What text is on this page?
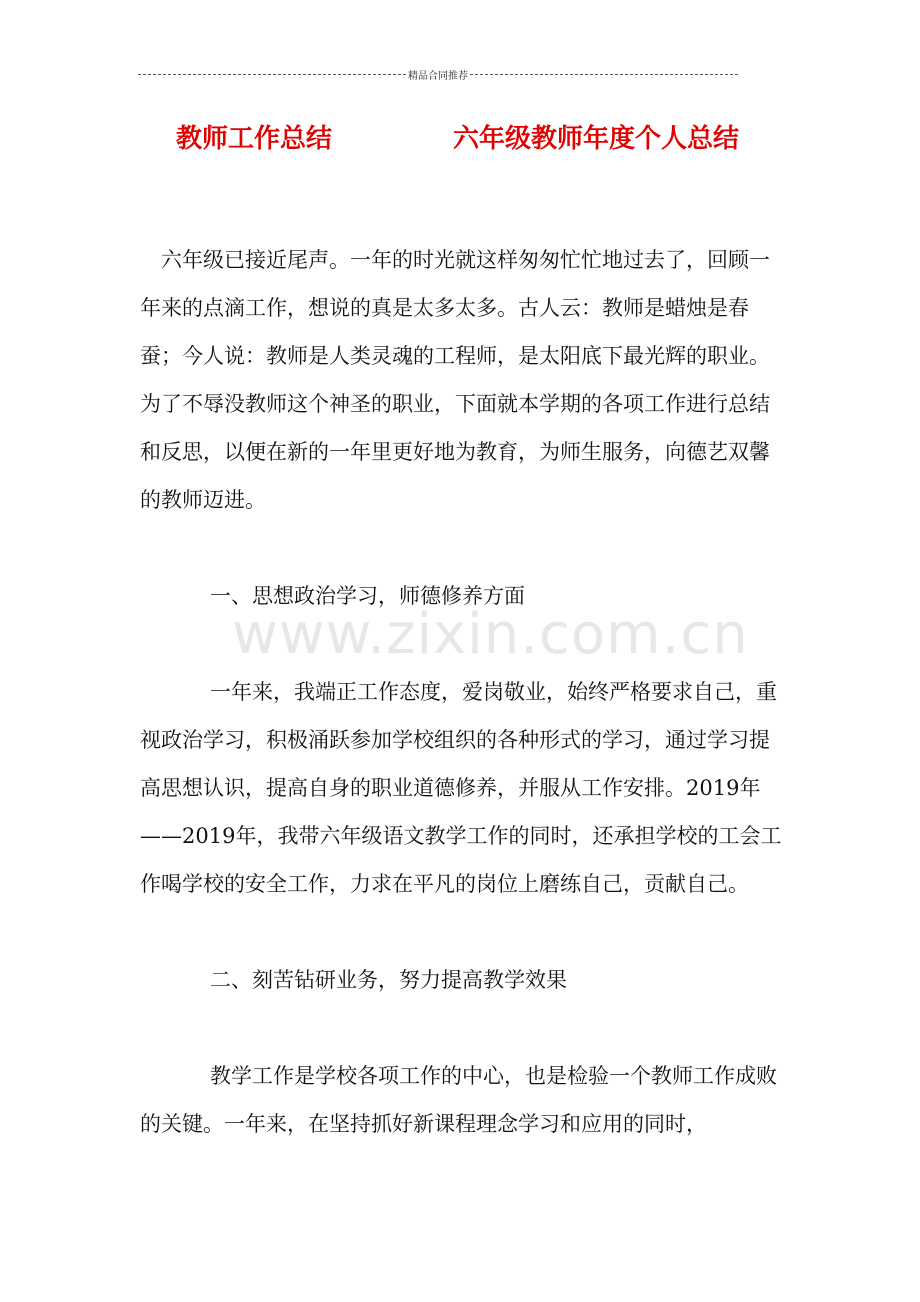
精品合同推荐
教师工作总结	六年级教师年度个人总结
www.zixin.com.cn

六年级已接近尾声。一年的时光就这样匆匆忙忙地过去了，回顾一年来的点滴工作，想说的真是太多太多。古人云：教师是蜡烛是春蚕；今人说：教师是人类灵魂的工程师，是太阳底下最光辉的职业。为了不辱没教师这个神圣的职业，下面就本学期的各项工作进行总结和反思，以便在新的一年里更好地为教育，为师生服务，向德艺双馨的教师迈进。

一、思想政治学习，师德修养方面

一年来，我端正工作态度，爱岗敬业，始终严格要求自己，重视政治学习，积极涌跃参加学校组织的各种形式的学习，通过学习提高思想认识，提高自身的职业道德修养，并服从工作安排。2019年——2019年，我带六年级语文教学工作的同时，还承担学校的工会工作喝学校的安全工作，力求在平凡的岗位上磨练自己，贡献自己。

二、刻苦钻研业务，努力提高教学效果

教学工作是学校各项工作的中心，也是检验一个教师工作成败的关键。一年来，在坚持抓好新课程理念学习和应用的同时，
